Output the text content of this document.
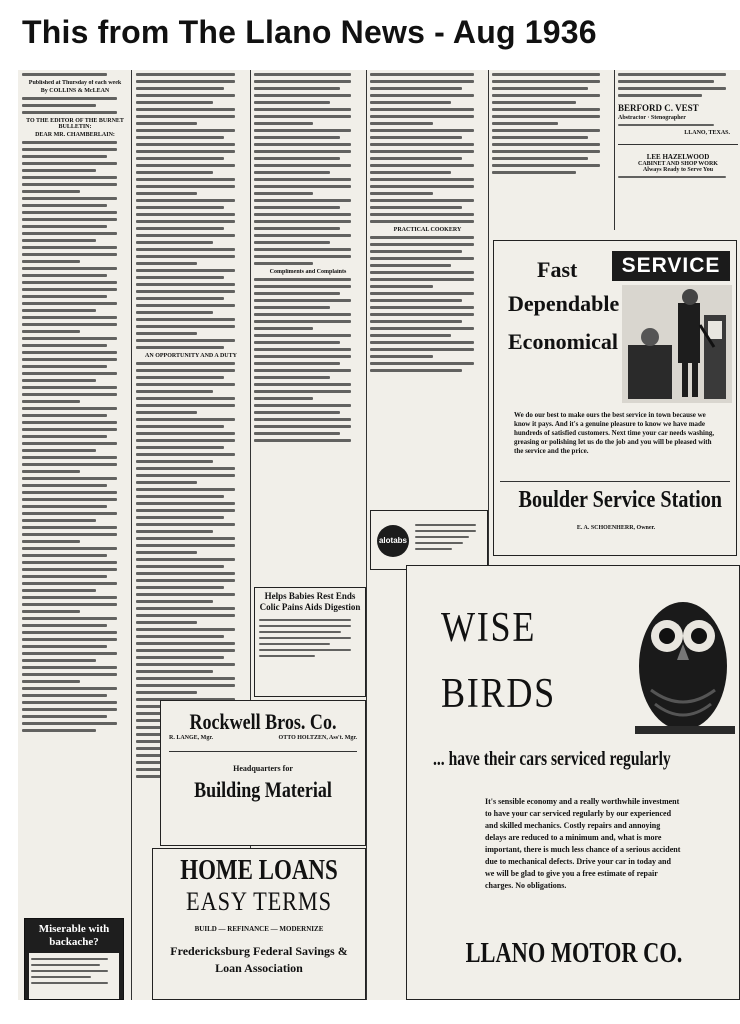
This from The Llano News - Aug 1936
Published at Thursday of each week
By COLLINS & McLEAN
TO THE EDITOR OF THE BURNET BULLETIN:
DEAR MR. CHAMBERLAIN:
Miserable with backache?
AN OPPORTUNITY AND A DUTY
Compliments and Complaints
Helps Babies Rest Ends Colic Pains Aids Digestion
PRACTICAL COOKERY
alotabs
BERFORD C. VEST
Abstractor · Stenographer
LLANO, TEXAS.
LEE HAZELWOOD
CABINET AND SHOP WORK
Always Ready to Serve You
Fast	SERVICE
Dependable
Economical
We do our best to make ours the best service in town because we know it pays. And it's a genuine pleasure to know we have made hundreds of satisfied customers. Next time your car needs washing, greasing or polishing let us do the job and you will be pleased with the service and the price.
Boulder Service Station
E. A. SCHOENHERR, Owner.
Rockwell Bros. Co.
R. LANGE, Mgr.	OTTO HOLTZEN, Ass't. Mgr.
Headquarters for
Building Material
HOME LOANS
EASY TERMS
BUILD — REFINANCE — MODERNIZE
Fredericksburg Federal Savings & Loan Association
WISE
BIRDS
... have their cars serviced regularly
It's sensible economy and a really worthwhile investment to have your car serviced regularly by our experienced and skilled mechanics. Costly repairs and annoying delays are reduced to a minimum and, what is more important, there is much less chance of a serious accident due to mechanical defects. Drive your car in today and we will be glad to give you a free estimate of repair charges. No obligations.
LLANO MOTOR CO.
